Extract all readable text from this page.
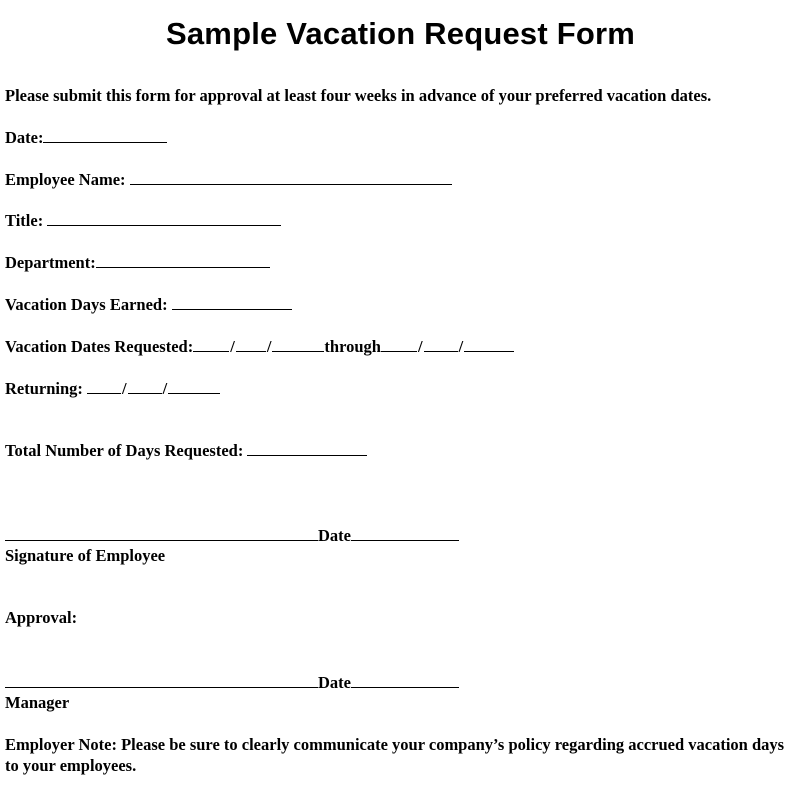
Sample Vacation Request Form
Please submit this form for approval at least four weeks in advance of your preferred vacation dates.
Date:
Employee Name:
Title:
Department:
Vacation Days Earned:
Vacation Dates Requested: / /	through / /
Returning: / /
Total Number of Days Requested:
Date
Signature of Employee
Approval:
Date
Manager
Employer Note: Please be sure to clearly communicate your company’s policy regarding accrued vacation days to your employees.
